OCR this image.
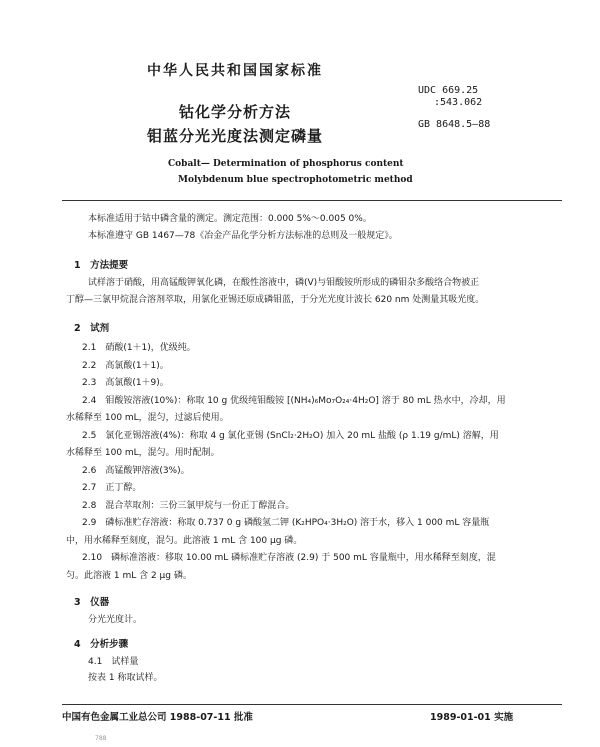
中华人民共和国国家标准
UDC 669.25
:543.062
GB 8648.5—88
钴化学分析方法
钼蓝分光光度法测定磷量
Cobalt— Determination of phosphorus content
Molybdenum blue spectrophotometric method
本标准适用于钴中磷含量的测定。测定范围：0.000 5%～0.005 0%。
本标准遵守 GB 1467—78《冶金产品化学分析方法标准的总则及一般规定》。
1　方法提要
试样溶于硝酸，用高锰酸钾氧化磷，在酸性溶液中，磷(V)与钼酸铵所形成的磷钼杂多酸络合物被正
丁醇—三氯甲烷混合溶剂萃取，用氯化亚锡还原成磷钼蓝，于分光光度计波长 620 nm 处测量其吸光度。
2　试剂
2.1　硝酸(1＋1)，优级纯。
2.2　高氯酸(1＋1)。
2.3　高氯酸(1＋9)。
2.4　钼酸铵溶液(10%)：称取 10 g 优级纯钼酸铵 [(NH₄)₆Mo₇O₂₄·4H₂O] 溶于 80 mL 热水中，冷却，用
水稀释至 100 mL，混匀，过滤后使用。
2.5　氯化亚锡溶液(4%)：称取 4 g 氯化亚锡 (SnCl₂·2H₂O) 加入 20 mL 盐酸 (ρ 1.19 g/mL) 溶解，用
水稀释至 100 mL，混匀。用时配制。
2.6　高锰酸钾溶液(3%)。
2.7　正丁醇。
2.8　混合萃取剂：三份三氯甲烷与一份正丁醇混合。
2.9　磷标准贮存溶液：称取 0.737 0 g 磷酸氢二钾 (K₂HPO₄·3H₂O) 溶于水，移入 1 000 mL 容量瓶
中，用水稀释至刻度，混匀。此溶液 1 mL 含 100 μg 磷。
2.10　磷标准溶液：移取 10.00 mL 磷标准贮存溶液 (2.9) 于 500 mL 容量瓶中，用水稀释至刻度，混
匀。此溶液 1 mL 含 2 μg 磷。
3　仪器
分光光度计。
4　分析步骤
4.1　试样量
按表 1 称取试样。
中国有色金属工业总公司 1988-07-11 批准	1989-01-01 实施
788
